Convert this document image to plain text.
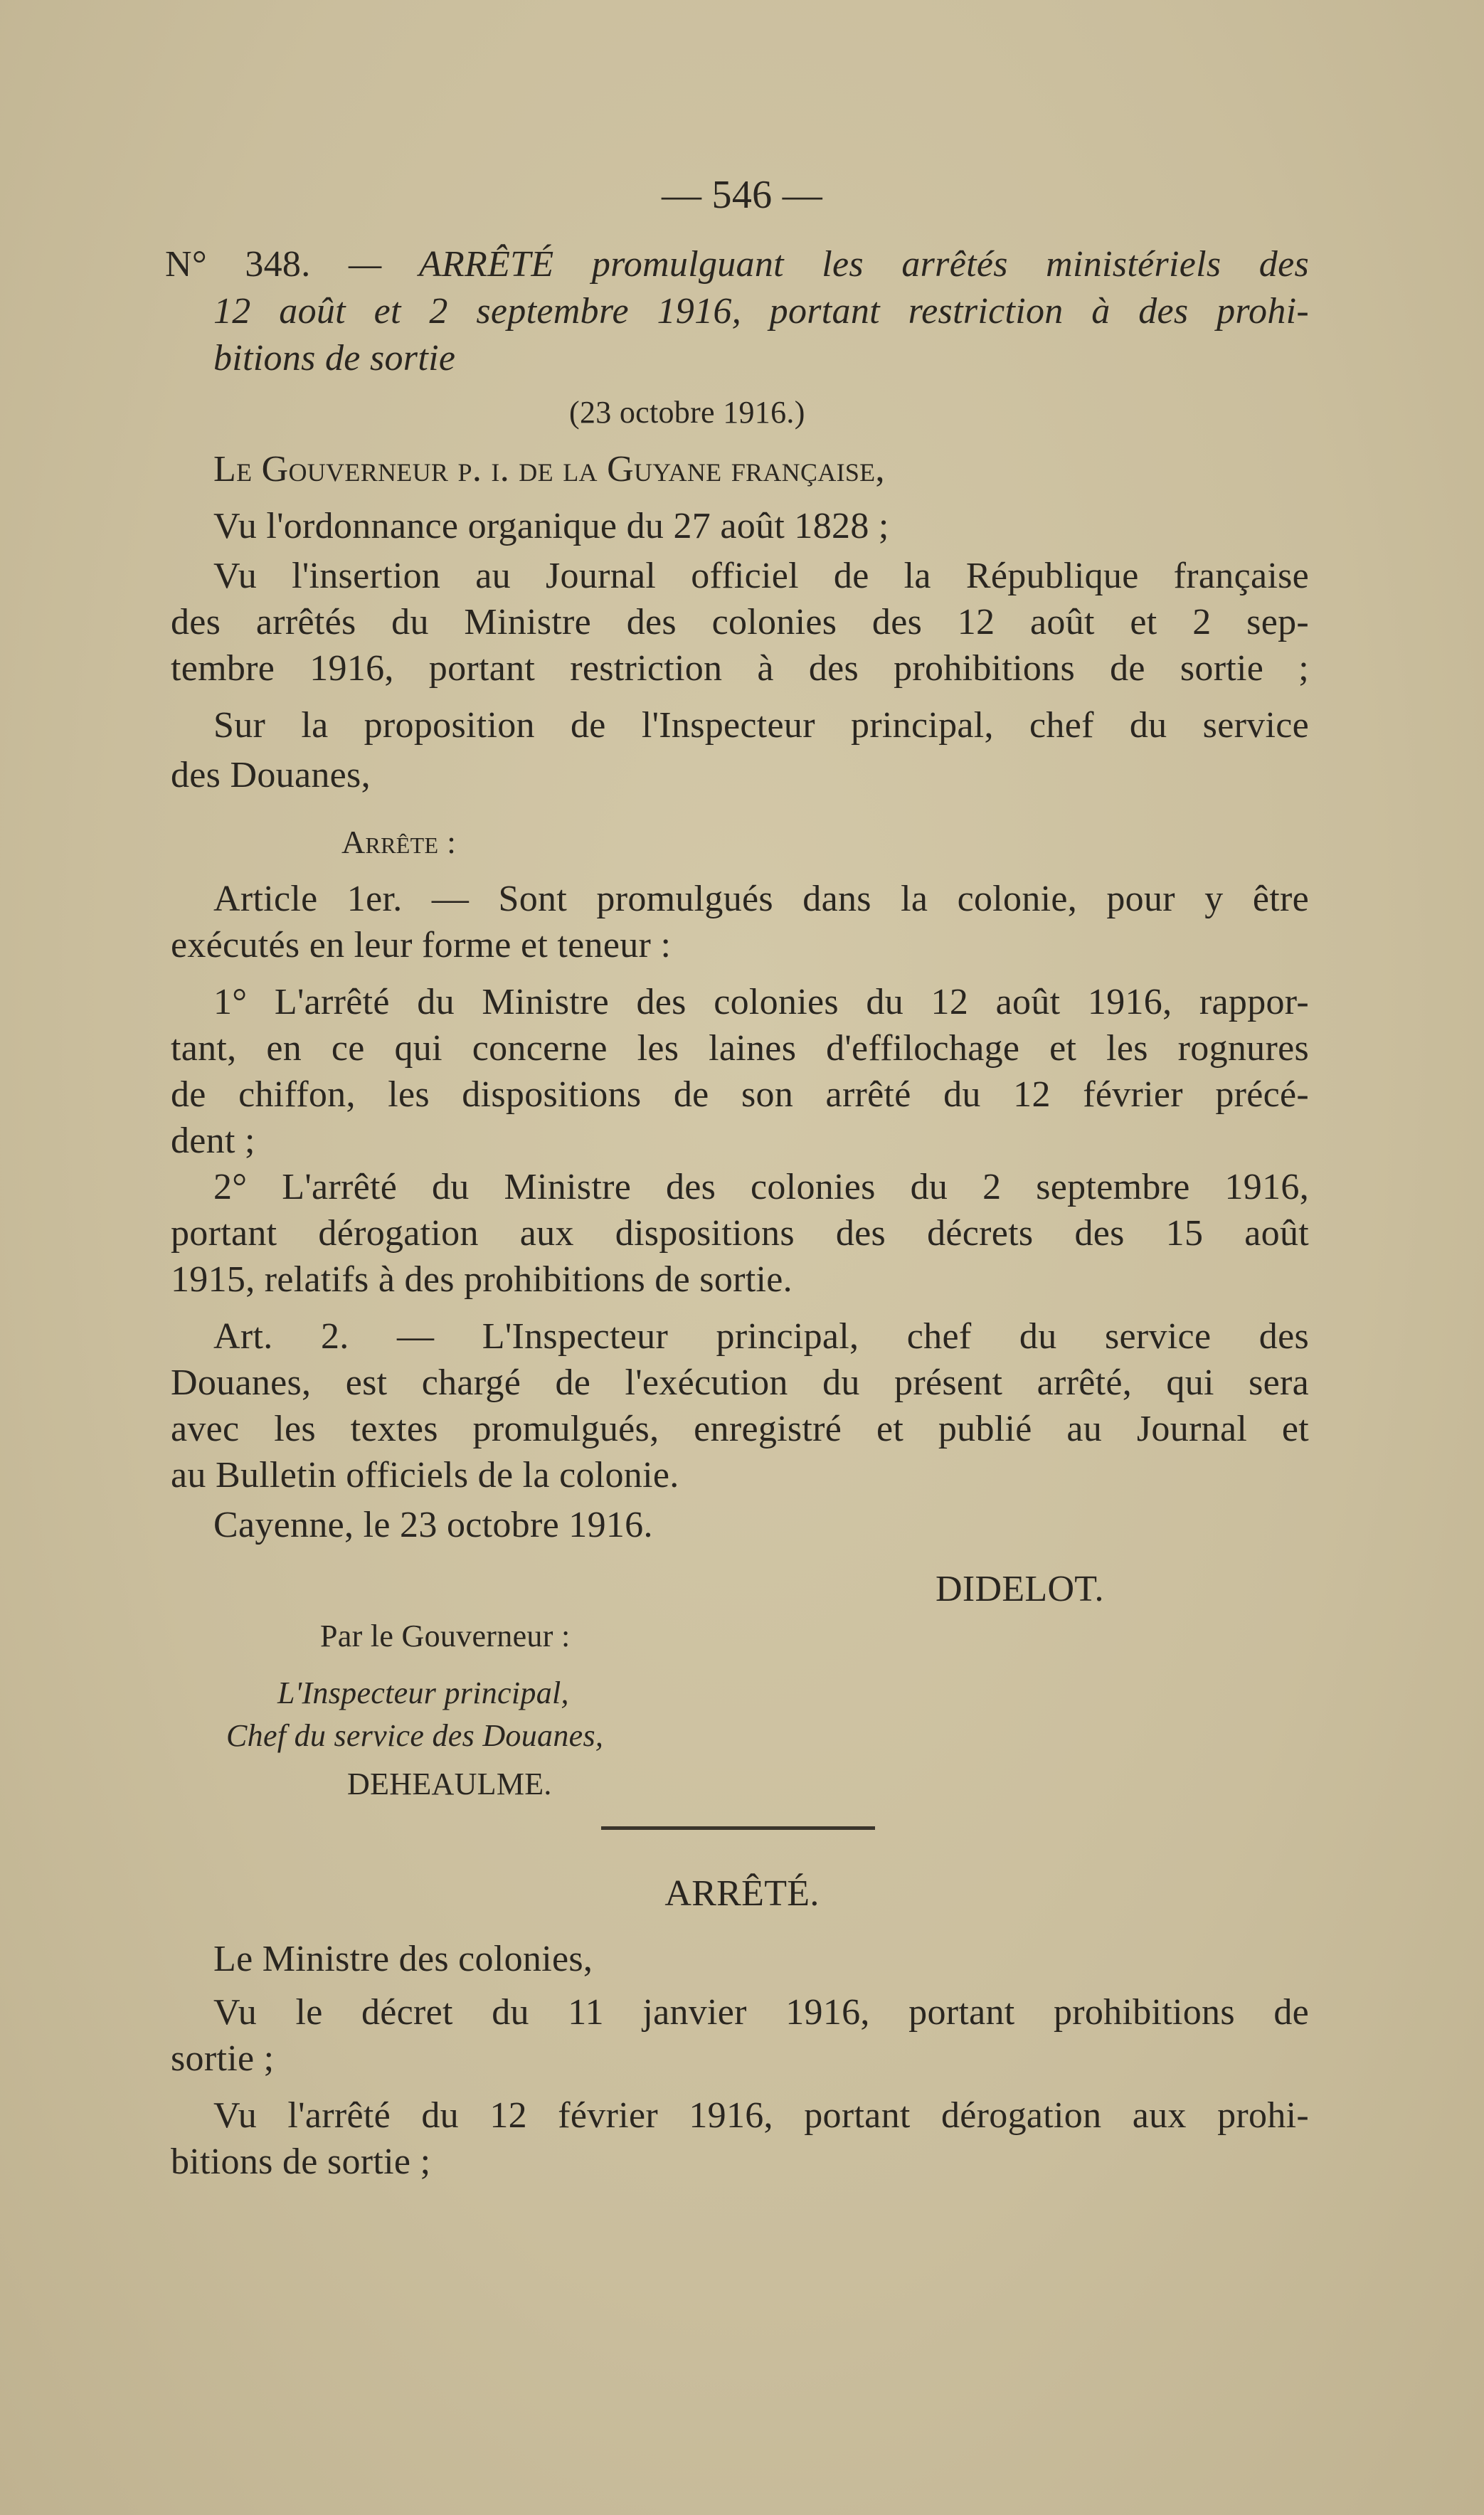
— 546 —
N° 348. — ARRÊTÉ promulguant les arrêtés ministériels des
12 août et 2 septembre 1916, portant restriction à des prohi-
bitions de sortie
(23 octobre 1916.)
Le Gouverneur p. i. de la Guyane française,
Vu l'ordonnance organique du 27 août 1828 ;
Vu l'insertion au Journal officiel de la République française
des arrêtés du Ministre des colonies des 12 août et 2 sep-
tembre 1916, portant restriction à des prohibitions de sortie ;
Sur la proposition de l'Inspecteur principal, chef du service
des Douanes,
Arrête :
Article 1er. — Sont promulgués dans la colonie, pour y être
exécutés en leur forme et teneur :
1° L'arrêté du Ministre des colonies du 12 août 1916, rappor-
tant, en ce qui concerne les laines d'effilochage et les rognures
de chiffon, les dispositions de son arrêté du 12 février précé-
dent ;
2° L'arrêté du Ministre des colonies du 2 septembre 1916,
portant dérogation aux dispositions des décrets des 15 août
1915, relatifs à des prohibitions de sortie.
Art. 2. — L'Inspecteur principal, chef du service des
Douanes, est chargé de l'exécution du présent arrêté, qui sera
avec les textes promulgués, enregistré et publié au Journal et
au Bulletin officiels de la colonie.
Cayenne, le 23 octobre 1916.
DIDELOT.
Par le Gouverneur :
L'Inspecteur principal,
Chef du service des Douanes,
DEHEAULME.
ARRÊTÉ.
Le Ministre des colonies,
Vu le décret du 11 janvier 1916, portant prohibitions de
sortie ;
Vu l'arrêté du 12 février 1916, portant dérogation aux prohi-
bitions de sortie ;
